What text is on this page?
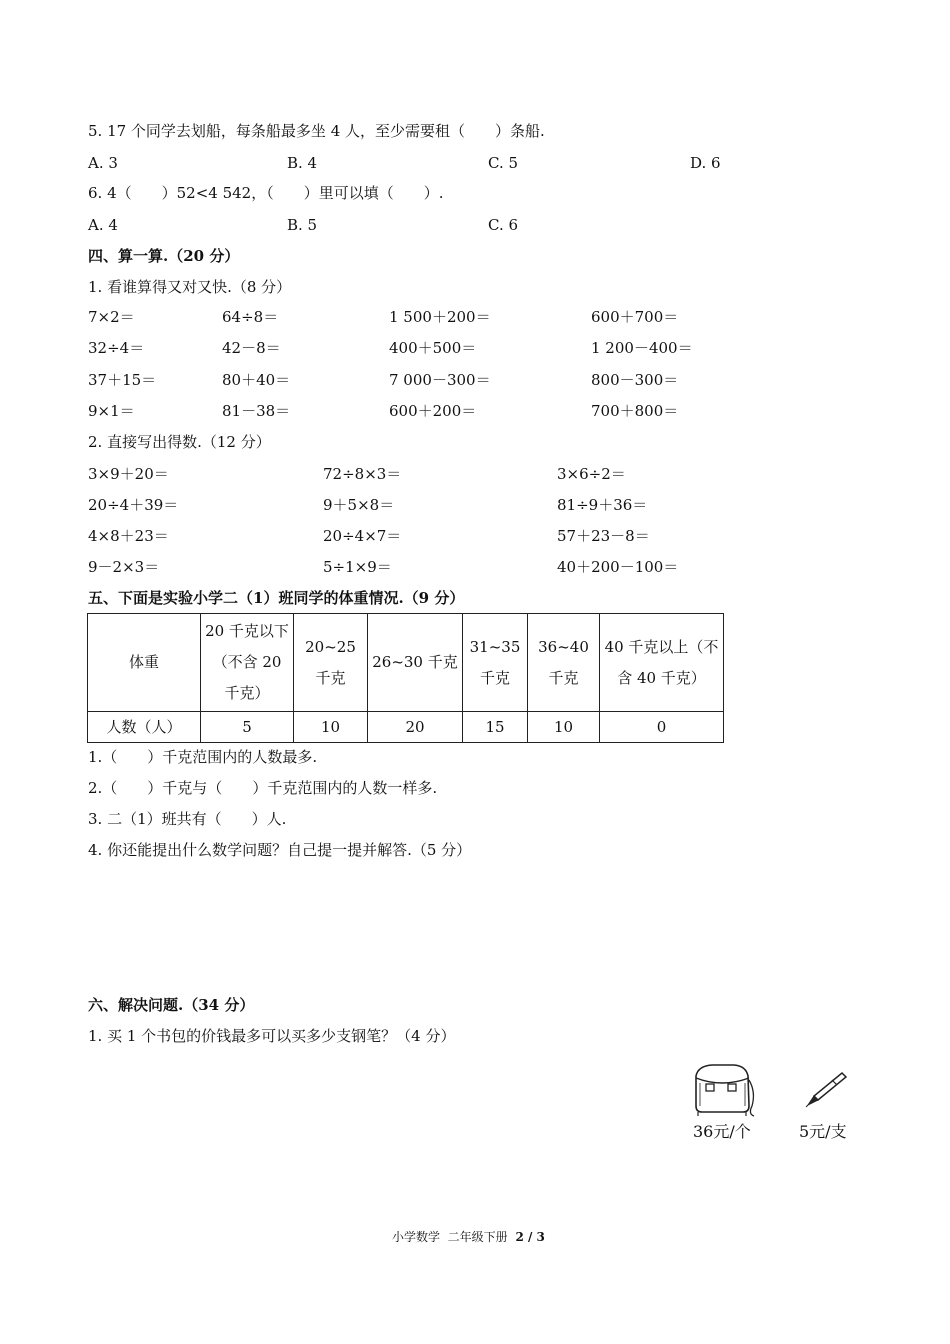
5. 17 个同学去划船，每条船最多坐 4 人，至少需要租（　　）条船.
A. 3	B. 4	C. 5	D. 6
6. 4（　　）52<4 542，（　　）里可以填（　　）.
A. 4	B. 5	C. 6
四、算一算.（20 分）
1. 看谁算得又对又快.（8 分）
7×2＝	64÷8＝	1 500＋200＝	600＋700＝
32÷4＝	42－8＝	400＋500＝	1 200－400＝
37＋15＝	80＋40＝	7 000－300＝	800－300＝
9×1＝	81－38＝	600＋200＝	700＋800＝
2. 直接写出得数.（12 分）
3×9＋20＝	72÷8×3＝	3×6÷2＝
20÷4＋39＝	9＋5×8＝	81÷9＋36＝
4×8＋23＝	20÷4×7＝	57＋23－8＝
9－2×3＝	5÷1×9＝	40＋200－100＝
五、下面是实验小学二（1）班同学的体重情况.（9 分）
体重	20 千克以下（不含 20 千克）	20~25 千克	26~30 千克	31~35 千克	36~40 千克	40 千克以上（不含 40 千克）
人数（人）	5	10	20	15	10	0
1.（　　）千克范围内的人数最多.
2.（　　）千克与（　　）千克范围内的人数一样多.
3. 二（1）班共有（　　）人.
4. 你还能提出什么数学问题？自己提一提并解答.（5 分）
六、解决问题.（34 分）
1. 买 1 个书包的价钱最多可以买多少支钢笔？（4 分）
36元/个	5元/支
小学数学  二年级下册 2 / 3
